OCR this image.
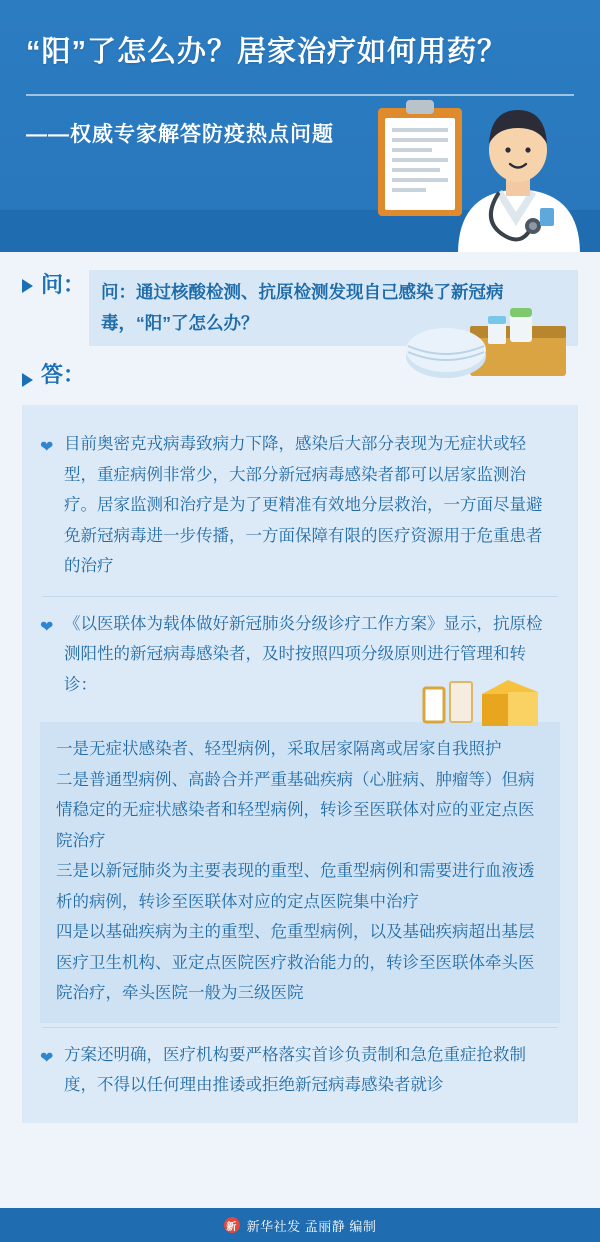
“阳”了怎么办？居家治疗如何用药？
——权威专家解答防疫热点问题
问： 问：通过核酸检测、抗原检测发现自己感染了新冠病毒，“阳”了怎么办？
答：
❤ 目前奥密克戎病毒致病力下降，感染后大部分表现为无症状或轻型，重症病例非常少，大部分新冠病毒感染者都可以居家监测治疗。居家监测和治疗是为了更精准有效地分层救治，一方面尽量避免新冠病毒进一步传播，一方面保障有限的医疗资源用于危重患者的治疗
❤ 《以医联体为载体做好新冠肺炎分级诊疗工作方案》显示，抗原检测阳性的新冠病毒感染者，及时按照四项分级原则进行管理和转诊：

一是无症状感染者、轻型病例，采取居家隔离或居家自我照护

二是普通型病例、高龄合并严重基础疾病（心脏病、肿瘤等）但病情稳定的无症状感染者和轻型病例，转诊至医联体对应的亚定点医院治疗

三是以新冠肺炎为主要表现的重型、危重型病例和需要进行血液透析的病例，转诊至医联体对应的定点医院集中治疗

四是以基础疾病为主的重型、危重型病例，以及基础疾病超出基层医疗卫生机构、亚定点医院医疗救治能力的，转诊至医联体牵头医院治疗，牵头医院一般为三级医院

❤ 方案还明确，医疗机构要严格落实首诊负责制和急危重症抢救制度，不得以任何理由推诿或拒绝新冠病毒感染者就诊
新 新华社发 孟丽静 编制
